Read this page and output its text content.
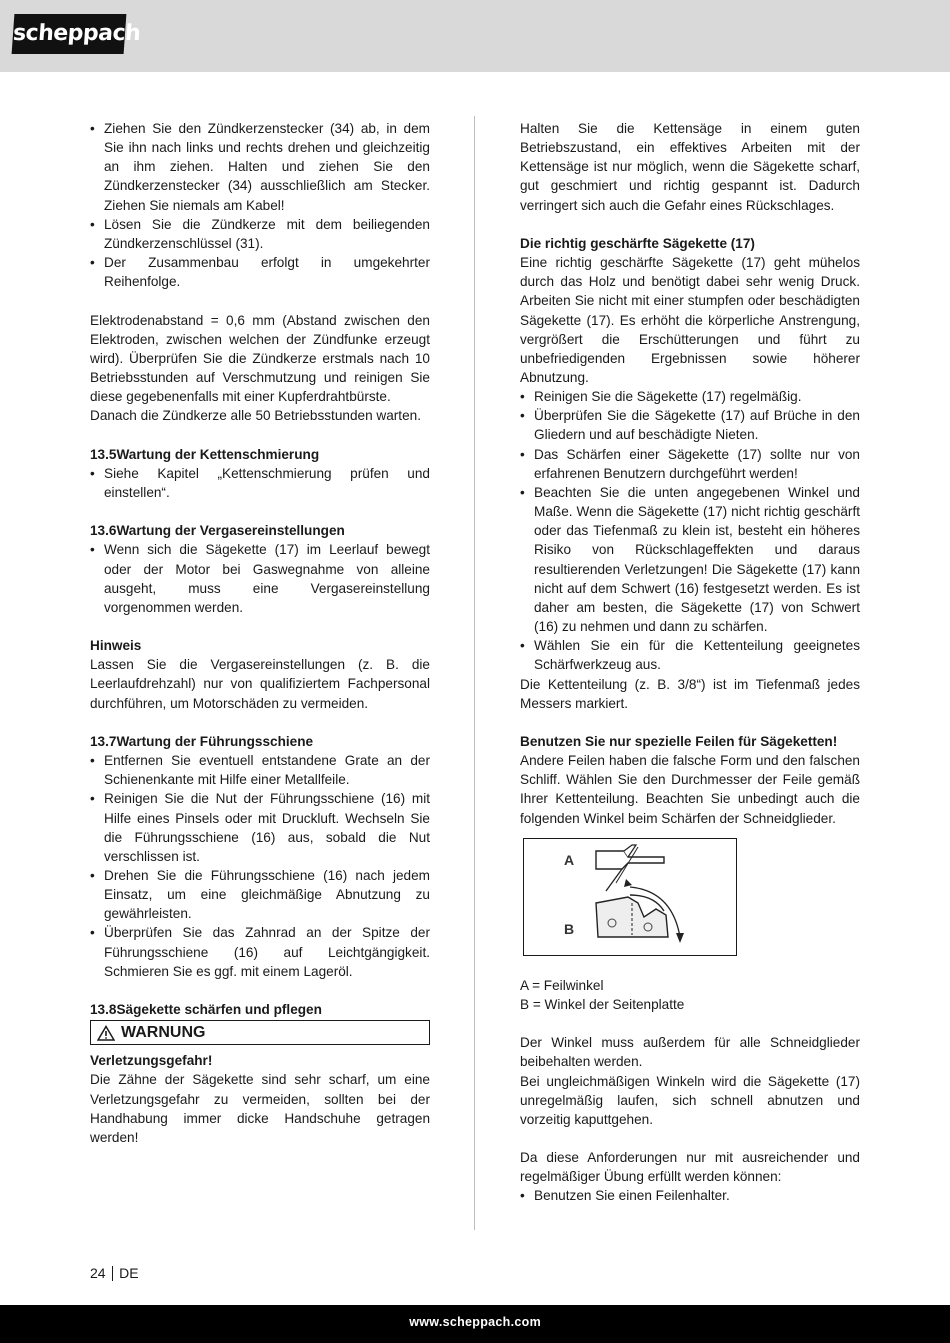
scheppach
• Ziehen Sie den Zündkerzenstecker (34) ab, in dem Sie ihn nach links und rechts drehen und gleichzeitig an ihm ziehen. Halten und ziehen Sie den Zündkerzenstecker (34) ausschließlich am Stecker. Ziehen Sie niemals am Kabel!
• Lösen Sie die Zündkerze mit dem beiliegenden Zündkerzenschlüssel (31).
• Der Zusammenbau erfolgt in umgekehrter Reihenfolge.

Elektrodenabstand = 0,6 mm (Abstand zwischen den Elektroden, zwischen welchen der Zündfunke erzeugt wird). Überprüfen Sie die Zündkerze erstmals nach 10 Betriebsstunden auf Verschmutzung und reinigen Sie diese gegebenenfalls mit einer Kupferdrahtbürste.

Danach die Zündkerze alle 50 Betriebsstunden warten.

13.5Wartung der Kettenschmierung

• Siehe Kapitel „Kettenschmierung prüfen und einstellen“.

13.6Wartung der Vergasereinstellungen

• Wenn sich die Sägekette (17) im Leerlauf bewegt oder der Motor bei Gaswegnahme von alleine ausgeht, muss eine Vergasereinstellung vorgenommen werden.

Hinweis

Lassen Sie die Vergasereinstellungen (z. B. die Leerlaufdrehzahl) nur von qualifiziertem Fachpersonal durchführen, um Motorschäden zu vermeiden.

13.7Wartung der Führungsschiene

• Entfernen Sie eventuell entstandene Grate an der Schienenkante mit Hilfe einer Metallfeile.
• Reinigen Sie die Nut der Führungsschiene (16) mit Hilfe eines Pinsels oder mit Druckluft. Wechseln Sie die Führungsschiene (16) aus, sobald die Nut verschlissen ist.
• Drehen Sie die Führungsschiene (16) nach jedem Einsatz, um eine gleichmäßige Abnutzung zu gewährleisten.
• Überprüfen Sie das Zahnrad an der Spitze der Führungsschiene (16) auf Leichtgängigkeit. Schmieren Sie es ggf. mit einem Lageröl.

13.8Sägekette schärfen und pflegen

WARNUNG

Verletzungsgefahr!

Die Zähne der Sägekette sind sehr scharf, um eine Verletzungsgefahr zu vermeiden, sollten bei der Handhabung immer dicke Handschuhe getragen werden!

Halten Sie die Kettensäge in einem guten Betriebszustand, ein effektives Arbeiten mit der Kettensäge ist nur möglich, wenn die Sägekette scharf, gut geschmiert und richtig gespannt ist. Dadurch verringert sich auch die Gefahr eines Rückschlages.

Die richtig geschärfte Sägekette (17)

Eine richtig geschärfte Sägekette (17) geht mühelos durch das Holz und benötigt dabei sehr wenig Druck. Arbeiten Sie nicht mit einer stumpfen oder beschädigten Sägekette (17). Es erhöht die körperliche Anstrengung, vergrößert die Erschütterungen und führt zu unbefriedigenden Ergebnissen sowie höherer Abnutzung.

• Reinigen Sie die Sägekette (17) regelmäßig.
• Überprüfen Sie die Sägekette (17) auf Brüche in den Gliedern und auf beschädigte Nieten.
• Das Schärfen einer Sägekette (17) sollte nur von erfahrenen Benutzern durchgeführt werden!
• Beachten Sie die unten angegebenen Winkel und Maße. Wenn die Sägekette (17) nicht richtig geschärft oder das Tiefenmaß zu klein ist, besteht ein höheres Risiko von Rückschlageffekten und daraus resultierenden Verletzungen! Die Sägekette (17) kann nicht auf dem Schwert (16) festgesetzt werden. Es ist daher am besten, die Sägekette (17) von Schwert (16) zu nehmen und dann zu schärfen.
• Wählen Sie ein für die Kettenteilung geeignetes Schärfwerkzeug aus.

Die Kettenteilung (z. B. 3/8“) ist im Tiefenmaß jedes Messers markiert.

Benutzen Sie nur spezielle Feilen für Sägeketten!

Andere Feilen haben die falsche Form und den falschen Schliff. Wählen Sie den Durchmesser der Feile gemäß Ihrer Kettenteilung. Beachten Sie unbedingt auch die folgenden Winkel beim Schärfen der Schneidglieder.

A
B

A = Feilwinkel

B = Winkel der Seitenplatte

Der Winkel muss außerdem für alle Schneidglieder beibehalten werden.

Bei ungleichmäßigen Winkeln wird die Sägekette (17) unregelmäßig laufen, sich schnell abnutzen und vorzeitig kaputtgehen.

Da diese Anforderungen nur mit ausreichender und regelmäßiger Übung erfüllt werden können:

• Benutzen Sie einen Feilenhalter.
24 DE
www.scheppach.com
